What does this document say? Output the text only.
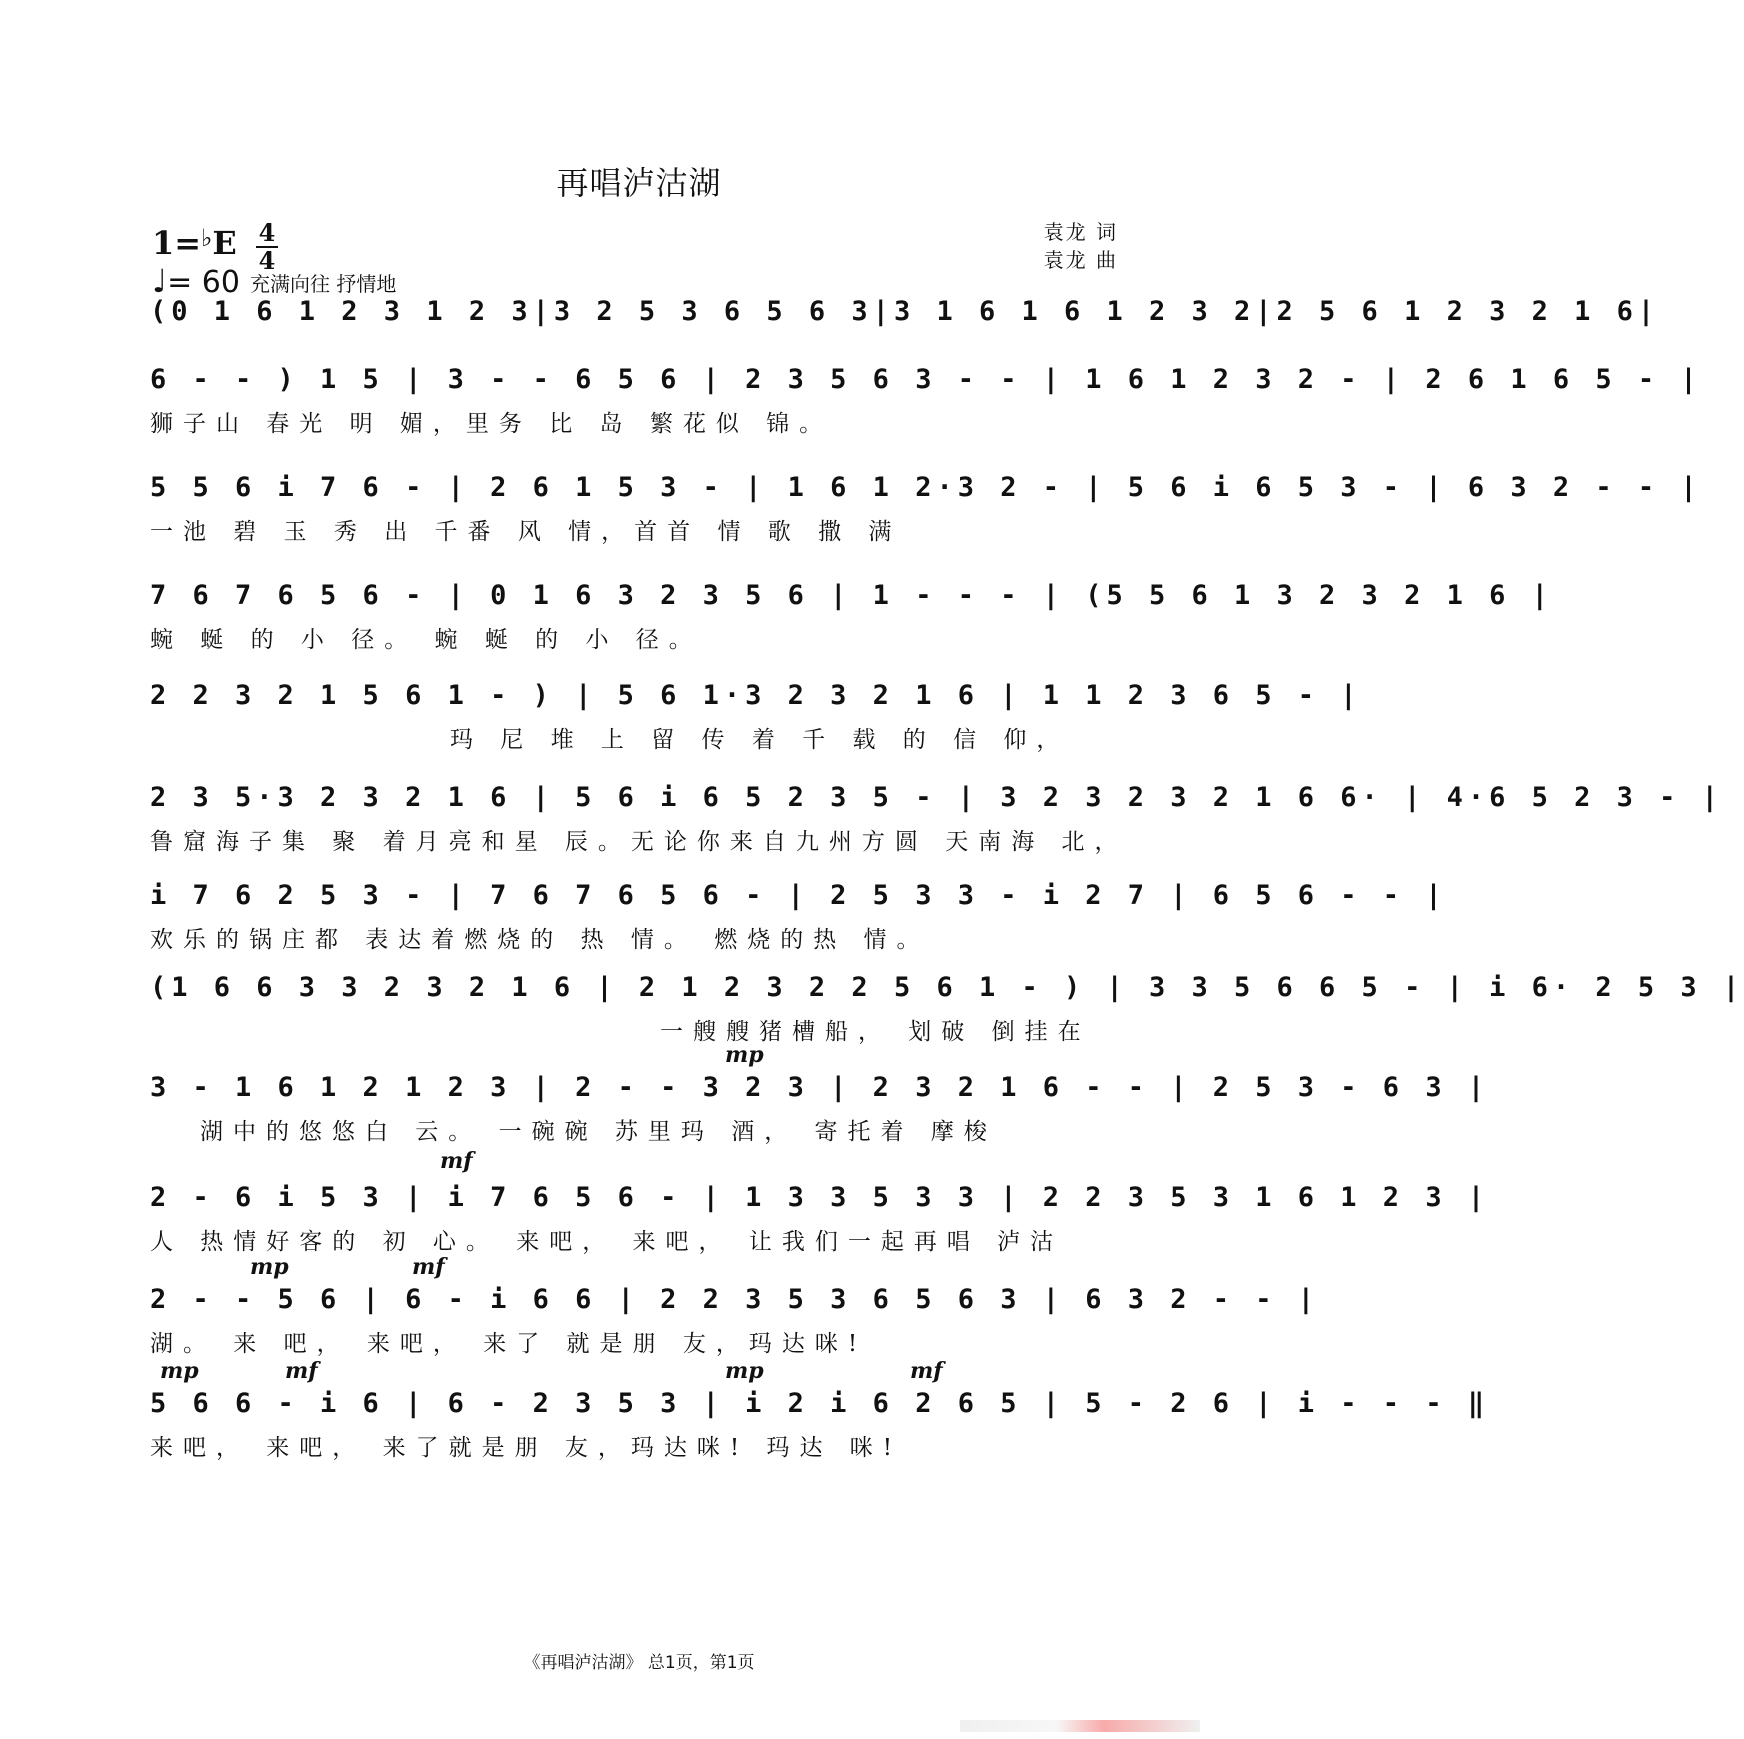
再唱泸沽湖
1=♭E 4
4
♩= 60 充满向往 抒情地
袁龙 词
袁龙 曲
(0 1 6 1 2 3 1 2 3|3 2 5 3 6 5 6 3|3 1 6 1 6 1 2 3 2|2 5 6 1 2 3 2 1 6|
6 - - ) 1 5 | 3 - - 6 5 6 | 2 3 5 6 3 - - | 1 6 1 2 3 2 - | 2 6 1 6 5 - |
狮子山 春光 明 媚，里务 比 岛 繁花似 锦。
5 5 6 i 7 6 - | 2 6 1 5 3 - | 1 6 1 2·3 2 - | 5 6 i 6 5 3 - | 6 3 2 - - |
一池 碧 玉 秀 出 千番 风 情，首首 情 歌 撒 满
7 6 7 6 5 6 - | 0 1 6 3 2 3 5 6 | 1 - - - | (5 5 6 1 3 2 3 2 1 6 |
蜿 蜒 的 小 径。 蜿 蜒 的 小 径。
2 2 3 2 1 5 6 1 - ) | 5 6 1·3 2 3 2 1 6 | 1 1 2 3 6 5 - |
玛 尼 堆 上 留 传 着 千 载 的 信 仰，
2 3 5·3 2 3 2 1 6 | 5 6 i 6 5 2 3 5 - | 3 2 3 2 3 2 1 6 6· | 4·6 5 2 3 - |
鲁窟海子集 聚 着月亮和星 辰。无论你来自九州方圆 天南海 北，
i 7 6 2 5 3 - | 7 6 7 6 5 6 - | 2 5 3 3 - i 2 7 | 6 5 6 - - |
欢乐的锅庄都 表达着燃烧的 热 情。 燃烧的热 情。
(1 6 6 3 3 2 3 2 1 6 | 2 1 2 3 2 2 5 6 1 - ) | 3 3 5 6 6 5 - | i 6· 2 5 3 |
一艘艘猪槽船， 划破 倒挂在
mp
3 - 1 6 1 2 1 2 3 | 2 - - 3 2 3 | 2 3 2 1 6 - - | 2 5 3 - 6 3 |
湖中的悠悠白 云。 一碗碗 苏里玛 酒， 寄托着 摩梭
mf
2 - 6 i 5 3 | i 7 6 5 6 - | 1 3 3 5 3 3 | 2 2 3 5 3 1 6 1 2 3 |
人 热情好客的 初 心。 来吧， 来吧， 让我们一起再唱 泸沽
mp	mf
2 - - 5 6 | 6 - i 6 6 | 2 2 3 5 3 6 5 6 3 | 6 3 2 - - |
湖。 来 吧， 来吧， 来了 就是朋 友，玛达咪!
mp	mf	mp	mf
5 6 6 - i 6 | 6 - 2 3 5 3 | i 2 i 6 2 6 5 | 5 - 2 6 | i - - - ‖
来吧， 来吧， 来了就是朋 友，玛达咪! 玛达 咪!
《再唱泸沽湖》 总1页，第1页
